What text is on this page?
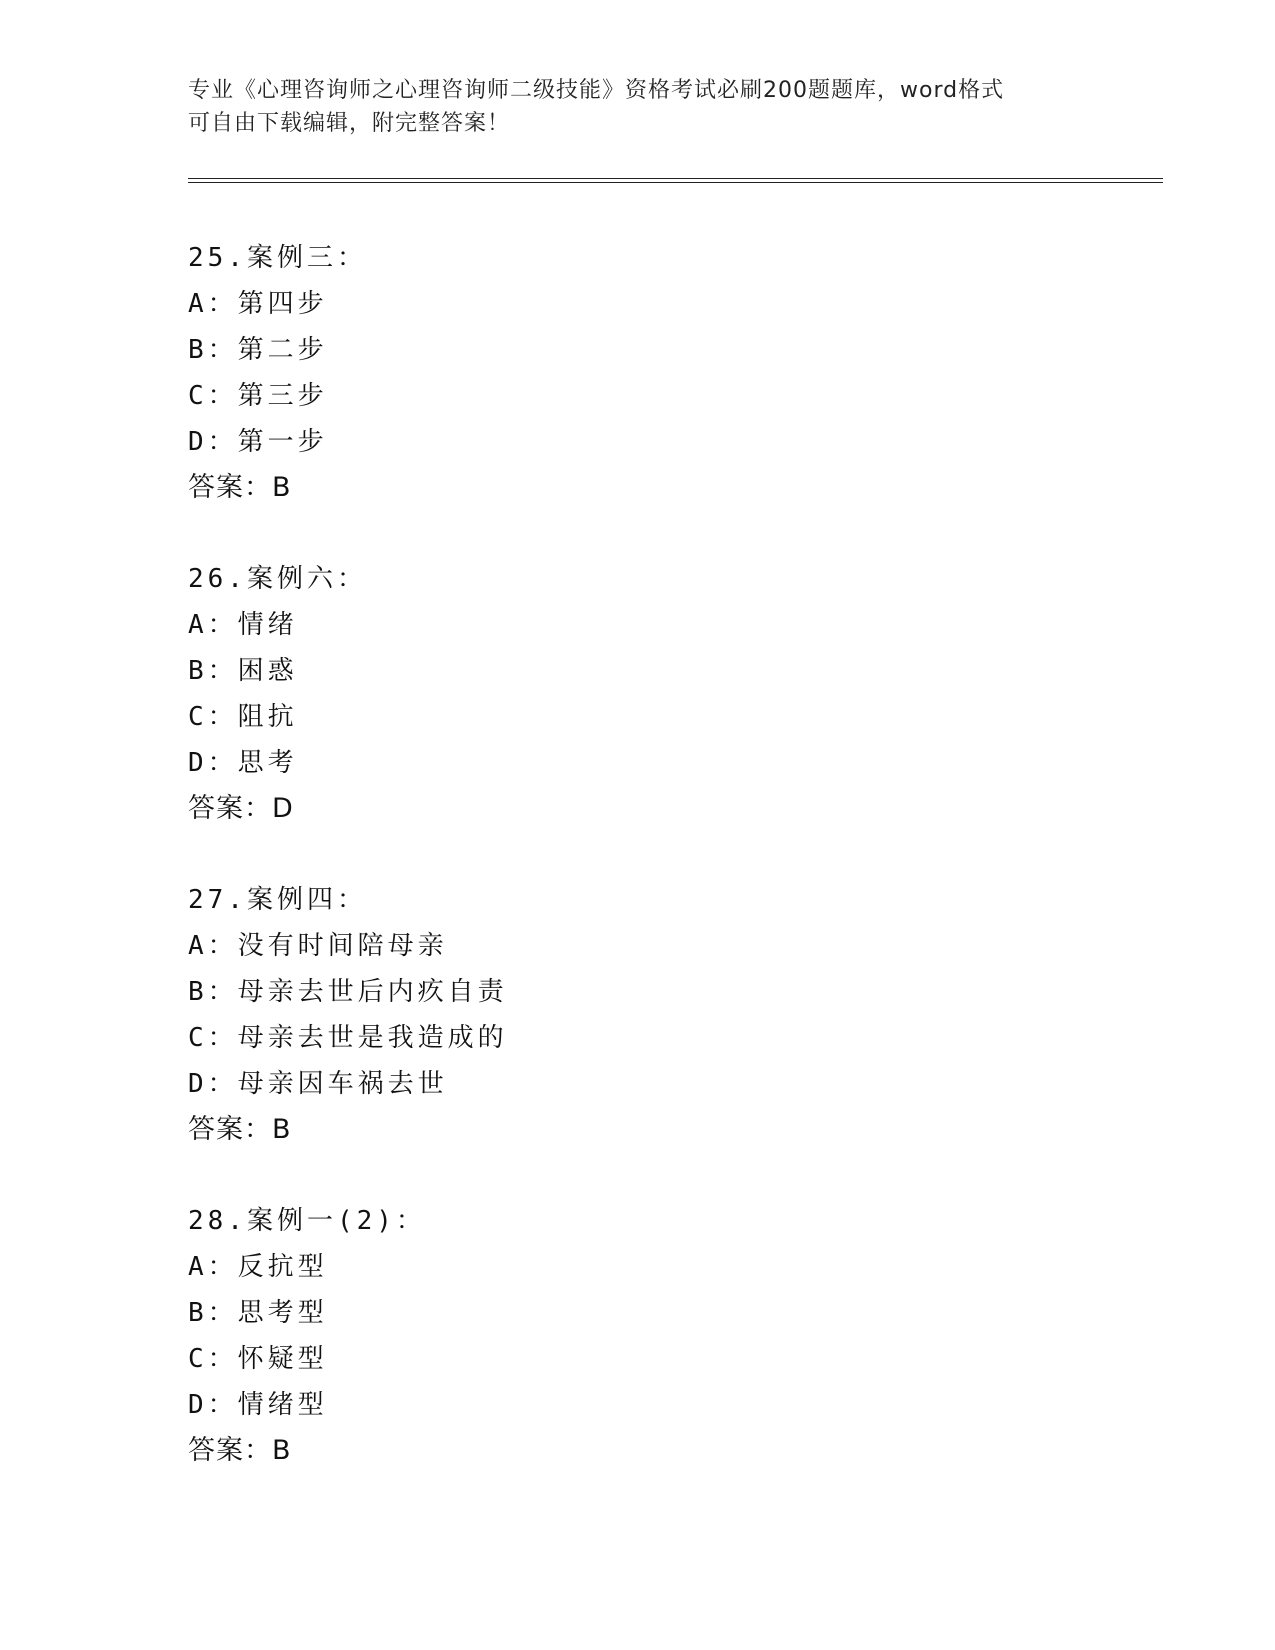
专业《心理咨询师之心理咨询师二级技能》资格考试必刷200题题库，word格式
可自由下载编辑，附完整答案！
25.案例三：
A：第四步
B：第二步
C：第三步
D：第一步
答案：B
26.案例六：
A：情绪
B：困惑
C：阻抗
D：思考
答案：D
27.案例四：
A：没有时间陪母亲
B：母亲去世后内疚自责
C：母亲去世是我造成的
D：母亲因车祸去世
答案：B
28.案例一(2)：
A：反抗型
B：思考型
C：怀疑型
D：情绪型
答案：B
